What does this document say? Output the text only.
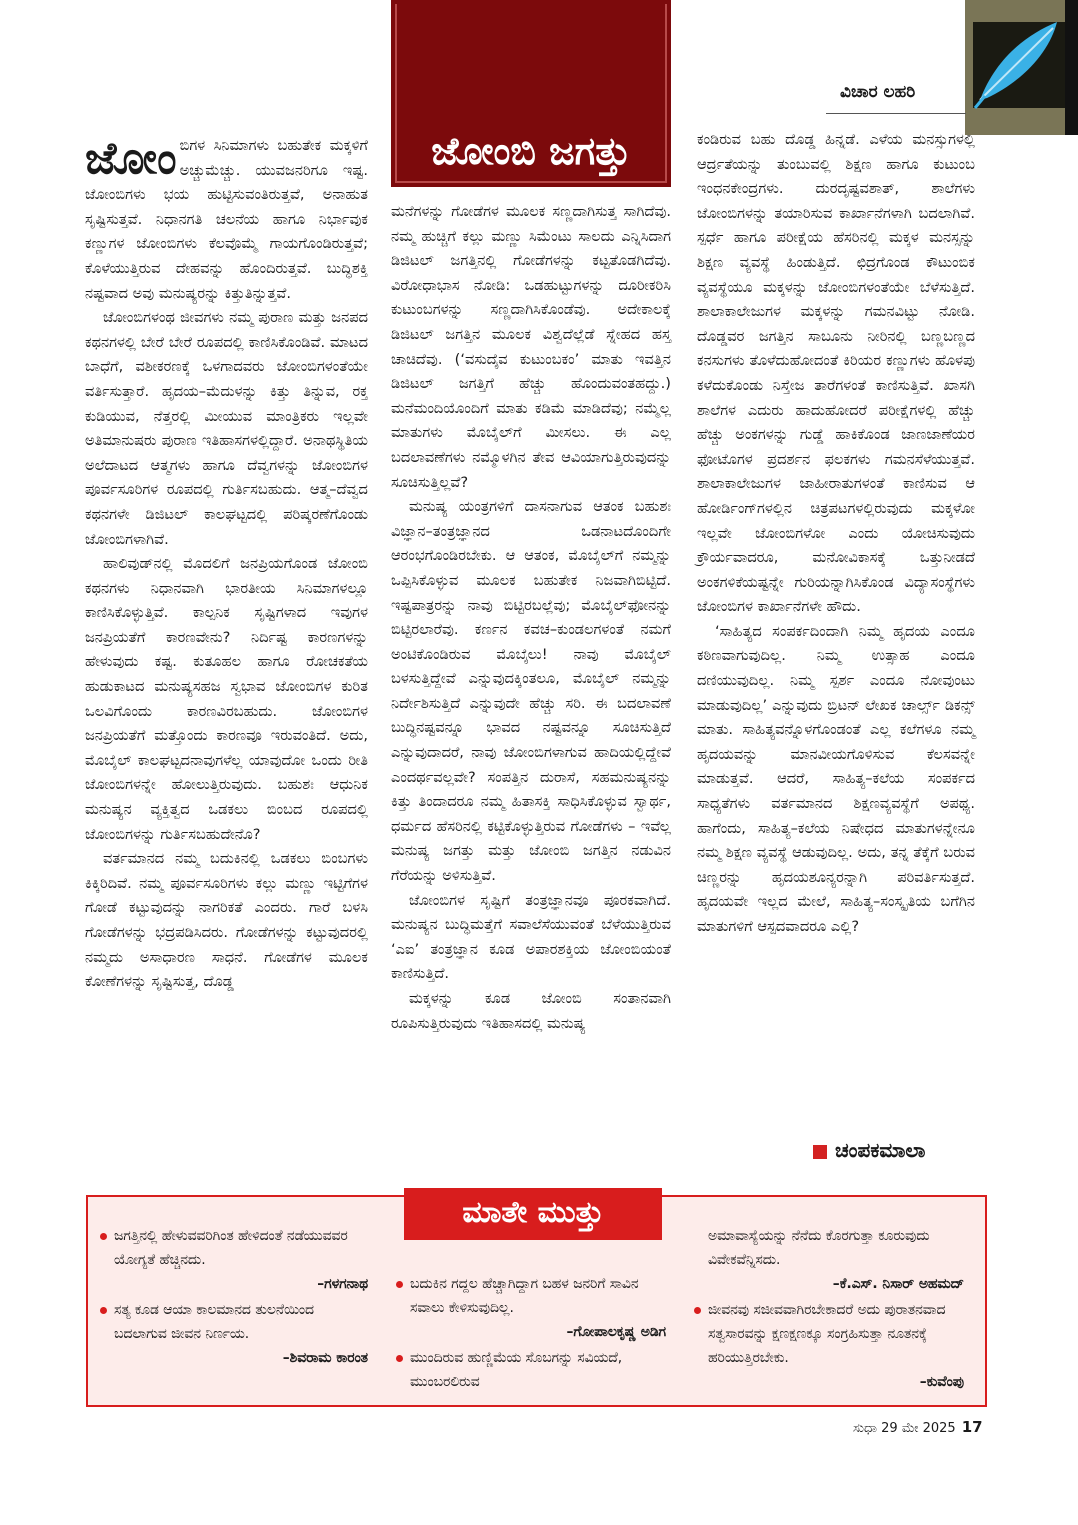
ವಿಚಾರ ಲಹರಿ
ಜೋಂಬಿ ಜಗತ್ತು

ಜೋಂಬಿಗಳ ಸಿನಿಮಾಗಳು ಬಹುತೇಕ ಮಕ್ಕಳಿಗೆ ಅಚ್ಚುಮೆಚ್ಚು. ಯುವಜನರಿಗೂ ಇಷ್ಟ. ಜೋಂಬಿಗಳು ಭಯ ಹುಟ್ಟಿಸುವಂತಿರುತ್ತವೆ, ಅನಾಹುತ ಸೃಷ್ಟಿಸುತ್ತವೆ. ನಿಧಾನಗತಿ ಚಲನೆಯ ಹಾಗೂ ನಿರ್ಭಾವುಕ ಕಣ್ಣುಗಳ ಜೋಂಬಿಗಳು ಕೆಲವೊಮ್ಮೆ ಗಾಯಗೊಂಡಿರುತ್ತವೆ; ಕೊಳೆಯುತ್ತಿರುವ ದೇಹವನ್ನು ಹೊಂದಿರುತ್ತವೆ. ಬುದ್ಧಿಶಕ್ತಿ ನಷ್ಟವಾದ ಅವು ಮನುಷ್ಯರನ್ನು ಕಿತ್ತುತಿನ್ನುತ್ತವೆ.

ಜೋಂಬಿಗಳಂಥ ಜೀವಗಳು ನಮ್ಮ ಪುರಾಣ ಮತ್ತು ಜನಪದ ಕಥನಗಳಲ್ಲಿ ಬೇರೆ ಬೇರೆ ರೂಪದಲ್ಲಿ ಕಾಣಿಸಿಕೊಂಡಿವೆ. ಮಾಟದ ಬಾಧೆಗೆ, ವಶೀಕರಣಕ್ಕೆ ಒಳಗಾದವರು ಜೋಂಬಿಗಳಂತೆಯೇ ವರ್ತಿಸುತ್ತಾರೆ. ಹೃದಯ–ಮೆದುಳನ್ನು ಕಿತ್ತು ತಿನ್ನುವ, ರಕ್ತ ಕುಡಿಯುವ, ನೆತ್ತರಲ್ಲಿ ಮೀಯುವ ಮಾಂತ್ರಿಕರು ಇಲ್ಲವೇ ಅತಿಮಾನುಷರು ಪುರಾಣ ಇತಿಹಾಸಗಳಲ್ಲಿದ್ದಾರೆ. ಅನಾಥಸ್ಥಿತಿಯ ಅಲೆದಾಟದ ಆತ್ಮಗಳು ಹಾಗೂ ದೆವ್ವಗಳನ್ನು ಜೋಂಬಿಗಳ ಪೂರ್ವಸೂರಿಗಳ ರೂಪದಲ್ಲಿ ಗುರ್ತಿಸಬಹುದು. ಆತ್ಮ–ದೆವ್ವದ ಕಥನಗಳೇ ಡಿಜಿಟಲ್ ಕಾಲಘಟ್ಟದಲ್ಲಿ ಪರಿಷ್ಕರಣೆಗೊಂಡು ಜೋಂಬಿಗಳಾಗಿವೆ.

ಹಾಲಿವುಡ್‌ನಲ್ಲಿ ಮೊದಲಿಗೆ ಜನಪ್ರಿಯಗೊಂಡ ಜೋಂಬಿ ಕಥನಗಳು ನಿಧಾನವಾಗಿ ಭಾರತೀಯ ಸಿನಿಮಾಗಳಲ್ಲೂ ಕಾಣಿಸಿಕೊಳ್ಳುತ್ತಿವೆ. ಕಾಲ್ಪನಿಕ ಸೃಷ್ಟಿಗಳಾದ ಇವುಗಳ ಜನಪ್ರಿಯತೆಗೆ ಕಾರಣವೇನು? ನಿರ್ದಿಷ್ಟ ಕಾರಣಗಳನ್ನು ಹೇಳುವುದು ಕಷ್ಟ. ಕುತೂಹಲ ಹಾಗೂ ರೋಚಕತೆಯ ಹುಡುಕಾಟದ ಮನುಷ್ಯಸಹಜ ಸ್ವಭಾವ ಜೋಂಬಿಗಳ ಕುರಿತ ಒಲವಿಗೊಂದು ಕಾರಣವಿರಬಹುದು. ಜೋಂಬಿಗಳ ಜನಪ್ರಿಯತೆಗೆ ಮತ್ತೊಂದು ಕಾರಣವೂ ಇರುವಂತಿದೆ. ಅದು, ಮೊಬೈಲ್ ಕಾಲಘಟ್ಟದನಾವುಗಳೆಲ್ಲ ಯಾವುದೋ ಒಂದು ರೀತಿ ಜೋಂಬಿಗಳನ್ನೇ ಹೋಲುತ್ತಿರುವುದು. ಬಹುಶಃ ಆಧುನಿಕ ಮನುಷ್ಯನ ವ್ಯಕ್ತಿತ್ವದ ಒಡಕಲು ಬಿಂಬದ ರೂಪದಲ್ಲಿ ಜೋಂಬಿಗಳನ್ನು ಗುರ್ತಿಸಬಹುದೇನೊ?

ವರ್ತಮಾನದ ನಮ್ಮ ಬದುಕಿನಲ್ಲಿ ಒಡಕಲು ಬಿಂಬಗಳು ಕಿಕ್ಕಿರಿದಿವೆ. ನಮ್ಮ ಪೂರ್ವಸೂರಿಗಳು ಕಲ್ಲು ಮಣ್ಣು ಇಟ್ಟಿಗೆಗಳ ಗೋಡೆ ಕಟ್ಟುವುದನ್ನು ನಾಗರಿಕತೆ ಎಂದರು. ಗಾರೆ ಬಳಸಿ ಗೋಡೆಗಳನ್ನು ಭದ್ರಪಡಿಸಿದರು. ಗೋಡೆಗಳನ್ನು ಕಟ್ಟುವುದರಲ್ಲಿ ನಮ್ಮದು ಅಸಾಧಾರಣ ಸಾಧನೆ. ಗೋಡೆಗಳ ಮೂಲಕ ಕೋಣೆಗಳನ್ನು ಸೃಷ್ಟಿಸುತ್ತ, ದೊಡ್ಡ

ಮನೆಗಳನ್ನು ಗೋಡೆಗಳ ಮೂಲಕ ಸಣ್ಣದಾಗಿಸುತ್ತ ಸಾಗಿದೆವು. ನಮ್ಮ ಹುಚ್ಚಿಗೆ ಕಲ್ಲು ಮಣ್ಣು ಸಿಮೆಂಟು ಸಾಲದು ಎನ್ನಿಸಿದಾಗ ಡಿಜಿಟಲ್ ಜಗತ್ತಿನಲ್ಲಿ ಗೋಡೆಗಳನ್ನು ಕಟ್ಟತೊಡಗಿದೆವು. ವಿರೋಧಾಭಾಸ ನೋಡಿ: ಒಡಹುಟ್ಟುಗಳನ್ನು ದೂರೀಕರಿಸಿ ಕುಟುಂಬಗಳನ್ನು ಸಣ್ಣದಾಗಿಸಿಕೊಂಡೆವು. ಅದೇಕಾಲಕ್ಕೆ ಡಿಜಿಟಲ್ ಜಗತ್ತಿನ ಮೂಲಕ ವಿಶ್ವದೆಲ್ಲೆಡೆ ಸ್ನೇಹದ ಹಸ್ತ ಚಾಚಿದೆವು. (‘ವಸುದೈವ ಕುಟುಂಬಕಂ’ ಮಾತು ಇವತ್ತಿನ ಡಿಜಿಟಲ್ ಜಗತ್ತಿಗೆ ಹೆಚ್ಚು ಹೊಂದುವಂತಹದ್ದು.) ಮನೆಮಂದಿಯೊಂದಿಗೆ ಮಾತು ಕಡಿಮೆ ಮಾಡಿದೆವು; ನಮ್ಮೆಲ್ಲ ಮಾತುಗಳು ಮೊಬೈಲ್‌ಗೆ ಮೀಸಲು. ಈ ಎಲ್ಲ ಬದಲಾವಣೆಗಳು ನಮ್ಮೊಳಗಿನ ತೇವ ಆವಿಯಾಗುತ್ತಿರುವುದನ್ನು ಸೂಚಿಸುತ್ತಿಲ್ಲವೆ?

ಮನುಷ್ಯ ಯಂತ್ರಗಳಿಗೆ ದಾಸನಾಗುವ ಆತಂಕ ಬಹುಶಃ ವಿಜ್ಞಾನ–ತಂತ್ರಜ್ಞಾನದ ಒಡನಾಟದೊಂದಿಗೇ ಆರಂಭಗೊಂಡಿರಬೇಕು. ಆ ಆತಂಕ, ಮೊಬೈಲ್‌ಗೆ ನಮ್ಮನ್ನು ಒಪ್ಪಿಸಿಕೊಳ್ಳುವ ಮೂಲಕ ಬಹುತೇಕ ನಿಜವಾಗಿಬಿಟ್ಟಿದೆ. ಇಷ್ಟಪಾತ್ರರನ್ನು ನಾವು ಬಿಟ್ಟಿರಬಲ್ಲೆವು; ಮೊಬೈಲ್‌ಫೋನನ್ನು ಬಿಟ್ಟಿರಲಾರೆವು. ಕರ್ಣನ ಕವಚ–ಕುಂಡಲಗಳಂತೆ ನಮಗೆ ಅಂಟಿಕೊಂಡಿರುವ ಮೊಬೈಲು! ನಾವು ಮೊಬೈಲ್ ಬಳಸುತ್ತಿದ್ದೇವೆ ಎನ್ನುವುದಕ್ಕಿಂತಲೂ, ಮೊಬೈಲ್ ನಮ್ಮನ್ನು ನಿರ್ದೇಶಿಸುತ್ತಿದೆ ಎನ್ನುವುದೇ ಹೆಚ್ಚು ಸರಿ. ಈ ಬದಲಾವಣೆ ಬುದ್ಧಿನಷ್ಟವನ್ನೂ ಭಾವದ ನಷ್ಟವನ್ನೂ ಸೂಚಿಸುತ್ತಿದೆ ಎನ್ನುವುದಾದರೆ, ನಾವು ಜೋಂಬಿಗಳಾಗುವ ಹಾದಿಯಲ್ಲಿದ್ದೇವೆ ಎಂದರ್ಥವಲ್ಲವೇ? ಸಂಪತ್ತಿನ ದುರಾಸೆ, ಸಹಮನುಷ್ಯನನ್ನು ಕಿತ್ತು ತಿಂದಾದರೂ ನಮ್ಮ ಹಿತಾಸಕ್ತಿ ಸಾಧಿಸಿಕೊಳ್ಳುವ ಸ್ವಾರ್ಥ, ಧರ್ಮದ ಹೆಸರಿನಲ್ಲಿ ಕಟ್ಟಿಕೊಳ್ಳುತ್ತಿರುವ ಗೋಡೆಗಳು – ಇವೆಲ್ಲ ಮನುಷ್ಯ ಜಗತ್ತು ಮತ್ತು ಜೋಂಬಿ ಜಗತ್ತಿನ ನಡುವಿನ ಗೆರೆಯನ್ನು ಅಳಿಸುತ್ತಿವೆ.

ಜೋಂಬಿಗಳ ಸೃಷ್ಟಿಗೆ ತಂತ್ರಜ್ಞಾನವೂ ಪೂರಕವಾಗಿದೆ. ಮನುಷ್ಯನ ಬುದ್ಧಿಮತ್ತೆಗೆ ಸವಾಲೆಸೆಯುವಂತೆ ಬೆಳೆಯುತ್ತಿರುವ ‘ಎಐ’ ತಂತ್ರಜ್ಞಾನ ಕೂಡ ಅಪಾರಶಕ್ತಿಯ ಜೋಂಬಿಯಂತೆ ಕಾಣಿಸುತ್ತಿದೆ.

ಮಕ್ಕಳನ್ನು ಕೂಡ ಜೋಂಬಿ ಸಂತಾನವಾಗಿ ರೂಪಿಸುತ್ತಿರುವುದು ಇತಿಹಾಸದಲ್ಲಿ ಮನುಷ್ಯ

ಕಂಡಿರುವ ಬಹು ದೊಡ್ಡ ಹಿನ್ನಡೆ. ಎಳೆಯ ಮನಸ್ಸುಗಳಲ್ಲಿ ಆರ್ದ್ರತೆಯನ್ನು ತುಂಬುವಲ್ಲಿ ಶಿಕ್ಷಣ ಹಾಗೂ ಕುಟುಂಬ ಇಂಧನಕೇಂದ್ರಗಳು. ದುರದೃಷ್ಟವಶಾತ್, ಶಾಲೆಗಳು ಜೋಂಬಿಗಳನ್ನು ತಯಾರಿಸುವ ಕಾರ್ಖಾನೆಗಳಾಗಿ ಬದಲಾಗಿವೆ. ಸ್ಪರ್ಧೆ ಹಾಗೂ ಪರೀಕ್ಷೆಯ ಹೆಸರಿನಲ್ಲಿ ಮಕ್ಕಳ ಮನಸ್ಸನ್ನು ಶಿಕ್ಷಣ ವ್ಯವಸ್ಥೆ ಹಿಂಡುತ್ತಿದೆ. ಛಿದ್ರಗೊಂಡ ಕೌಟುಂಬಿಕ ವ್ಯವಸ್ಥೆಯೂ ಮಕ್ಕಳನ್ನು ಜೋಂಬಿಗಳಂತೆಯೇ ಬೆಳೆಸುತ್ತಿದೆ. ಶಾಲಾಕಾಲೇಜುಗಳ ಮಕ್ಕಳನ್ನು ಗಮನವಿಟ್ಟು ನೋಡಿ. ದೊಡ್ಡವರ ಜಗತ್ತಿನ ಸಾಬೂನು ನೀರಿನಲ್ಲಿ ಬಣ್ಣಬಣ್ಣದ ಕನಸುಗಳು ತೊಳೆದುಹೋದಂತೆ ಕಿರಿಯರ ಕಣ್ಣುಗಳು ಹೊಳಪು ಕಳೆದುಕೊಂಡು ನಿಸ್ತೇಜ ತಾರೆಗಳಂತೆ ಕಾಣಿಸುತ್ತಿವೆ. ಖಾಸಗಿ ಶಾಲೆಗಳ ಎದುರು ಹಾದುಹೋದರೆ ಪರೀಕ್ಷೆಗಳಲ್ಲಿ ಹೆಚ್ಚು ಹೆಚ್ಚು ಅಂಕಗಳನ್ನು ಗುಡ್ಡೆ ಹಾಕಿಕೊಂಡ ಜಾಣಜಾಣೆಯರ ಫೋಟೊಗಳ ಪ್ರದರ್ಶನ ಫಲಕಗಳು ಗಮನಸೆಳೆಯುತ್ತವೆ. ಶಾಲಾಕಾಲೇಜುಗಳ ಜಾಹೀರಾತುಗಳಂತೆ ಕಾಣಿಸುವ ಆ ಹೋರ್ಡಿಂಗ್‌ಗಳಲ್ಲಿನ ಚಿತ್ರಪಟಗಳಲ್ಲಿರುವುದು ಮಕ್ಕಳೋ ಇಲ್ಲವೇ ಜೋಂಬಿಗಳೋ ಎಂದು ಯೋಚಿಸುವುದು ಕ್ರೌರ್ಯವಾದರೂ, ಮನೋವಿಕಾಸಕ್ಕೆ ಒತ್ತುನೀಡದೆ ಅಂಕಗಳಿಕೆಯಷ್ಟನ್ನೇ ಗುರಿಯನ್ನಾಗಿಸಿಕೊಂಡ ವಿದ್ಯಾಸಂಸ್ಥೆಗಳು ಜೋಂಬಿಗಳ ಕಾರ್ಖಾನೆಗಳೇ ಹೌದು.

‘ಸಾಹಿತ್ಯದ ಸಂಪರ್ಕದಿಂದಾಗಿ ನಿಮ್ಮ ಹೃದಯ ಎಂದೂ ಕಠಿಣವಾಗುವುದಿಲ್ಲ. ನಿಮ್ಮ ಉತ್ಸಾಹ ಎಂದೂ ದಣಿಯುವುದಿಲ್ಲ. ನಿಮ್ಮ ಸ್ಪರ್ಶ ಎಂದೂ ನೋವುಂಟು ಮಾಡುವುದಿಲ್ಲ’ ಎನ್ನುವುದು ಬ್ರಿಟನ್ ಲೇಖಕ ಚಾರ್ಲ್ಸ್ ಡಿಕನ್ಸ್ ಮಾತು. ಸಾಹಿತ್ಯವನ್ನೊಳಗೊಂಡಂತೆ ಎಲ್ಲ ಕಲೆಗಳೂ ನಮ್ಮ ಹೃದಯವನ್ನು ಮಾನವೀಯಗೊಳಿಸುವ ಕೆಲಸವನ್ನೇ ಮಾಡುತ್ತವೆ. ಆದರೆ, ಸಾಹಿತ್ಯ–ಕಲೆಯ ಸಂಪರ್ಕದ ಸಾಧ್ಯತೆಗಳು ವರ್ತಮಾನದ ಶಿಕ್ಷಣವ್ಯವಸ್ಥೆಗೆ ಅಪಥ್ಯ. ಹಾಗೆಂದು, ಸಾಹಿತ್ಯ–ಕಲೆಯ ನಿಷೇಧದ ಮಾತುಗಳನ್ನೇನೂ ನಮ್ಮ ಶಿಕ್ಷಣ ವ್ಯವಸ್ಥೆ ಆಡುವುದಿಲ್ಲ. ಅದು, ತನ್ನ ತೆಕ್ಕೆಗೆ ಬರುವ ಚಿಣ್ಣರನ್ನು ಹೃದಯಶೂನ್ಯರನ್ನಾಗಿ ಪರಿವರ್ತಿಸುತ್ತದೆ. ಹೃದಯವೇ ಇಲ್ಲದ ಮೇಲೆ, ಸಾಹಿತ್ಯ–ಸಂಸ್ಕೃತಿಯ ಬಗೆಗಿನ ಮಾತುಗಳಿಗೆ ಆಸ್ಪದವಾದರೂ ಎಲ್ಲಿ?

ಚಂಪಕಮಾಲಾ
ಮಾತೇ ಮುತ್ತು
ಜಗತ್ತಿನಲ್ಲಿ ಹೇಳುವವರಿಗಿಂತ ಹೇಳಿದಂತೆ ನಡೆಯುವವರ ಯೋಗ್ಯತೆ ಹೆಚ್ಚಿನದು.
–ಗಳಗನಾಥ
ಸತ್ಯ ಕೂಡ ಆಯಾ ಕಾಲಮಾನದ ತುಲನೆಯಿಂದ ಬದಲಾಗುವ ಜೀವನ ನಿರ್ಣಯ.
–ಶಿವರಾಮ ಕಾರಂತ
ಬದುಕಿನ ಗದ್ದಲ ಹೆಚ್ಚಾಗಿದ್ದಾಗ ಬಹಳ ಜನರಿಗೆ ಸಾವಿನ ಸವಾಲು ಕೇಳಿಸುವುದಿಲ್ಲ.
–ಗೋಪಾಲಕೃಷ್ಣ ಅಡಿಗ
ಮುಂದಿರುವ ಹುಣ್ಣಿಮೆಯ ಸೊಬಗನ್ನು ಸವಿಯದೆ, ಮುಂಬರಲಿರುವ
ಅಮಾವಾಸ್ಯೆಯನ್ನು ನೆನೆದು ಕೊರಗುತ್ತಾ ಕೂರುವುದು ವಿವೇಕವೆನ್ನಿಸದು.
–ಕೆ.ಎಸ್. ನಿಸಾರ್ ಅಹಮದ್
ಜೀವನವು ಸಜೀವವಾಗಿರಬೇಕಾದರೆ ಅದು ಪುರಾತನವಾದ ಸತ್ವಸಾರವನ್ನು ಕ್ಷಣಕ್ಷಣಕ್ಕೂ ಸಂಗ್ರಹಿಸುತ್ತಾ ನೂತನಕ್ಕೆ ಹರಿಯುತ್ತಿರಬೇಕು.
–ಕುವೆಂಪು
ಸುಧಾ 29 ಮೇ 2025 17
